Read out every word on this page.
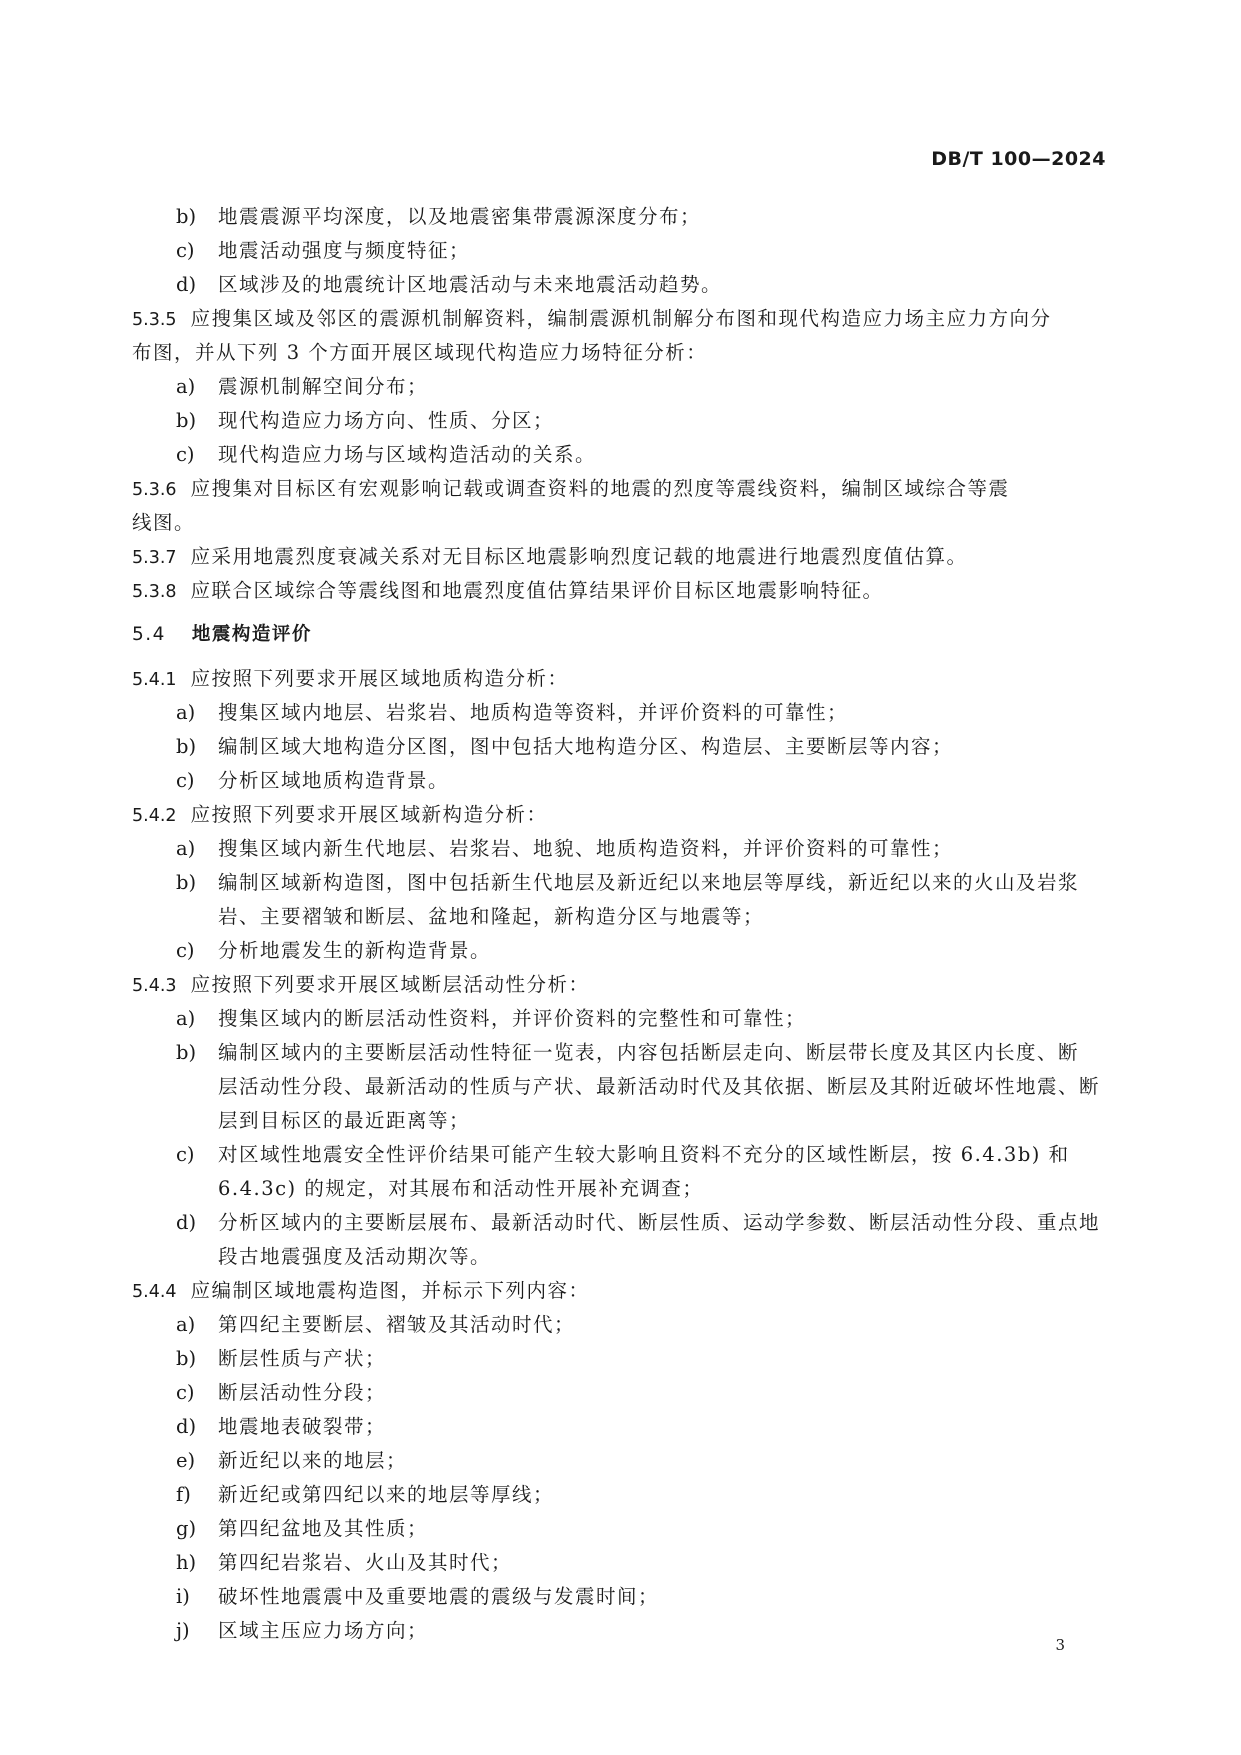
DB/T 100—2024
b) 地震震源平均深度，以及地震密集带震源深度分布；
c) 地震活动强度与频度特征；
d) 区域涉及的地震统计区地震活动与未来地震活动趋势。
5.3.5 应搜集区域及邻区的震源机制解资料，编制震源机制解分布图和现代构造应力场主应力方向分
布图，并从下列 3 个方面开展区域现代构造应力场特征分析：
a) 震源机制解空间分布；
b) 现代构造应力场方向、性质、分区；
c) 现代构造应力场与区域构造活动的关系。
5.3.6 应搜集对目标区有宏观影响记载或调查资料的地震的烈度等震线资料，编制区域综合等震
线图。
5.3.7 应采用地震烈度衰减关系对无目标区地震影响烈度记载的地震进行地震烈度值估算。
5.3.8 应联合区域综合等震线图和地震烈度值估算结果评价目标区地震影响特征。
5.4 地震构造评价
5.4.1 应按照下列要求开展区域地质构造分析：
a) 搜集区域内地层、岩浆岩、地质构造等资料，并评价资料的可靠性；
b) 编制区域大地构造分区图，图中包括大地构造分区、构造层、主要断层等内容；
c) 分析区域地质构造背景。
5.4.2 应按照下列要求开展区域新构造分析：
a) 搜集区域内新生代地层、岩浆岩、地貌、地质构造资料，并评价资料的可靠性；
b) 编制区域新构造图，图中包括新生代地层及新近纪以来地层等厚线，新近纪以来的火山及岩浆
岩、主要褶皱和断层、盆地和隆起，新构造分区与地震等；
c) 分析地震发生的新构造背景。
5.4.3 应按照下列要求开展区域断层活动性分析：
a) 搜集区域内的断层活动性资料，并评价资料的完整性和可靠性；
b) 编制区域内的主要断层活动性特征一览表，内容包括断层走向、断层带长度及其区内长度、断
层活动性分段、最新活动的性质与产状、最新活动时代及其依据、断层及其附近破坏性地震、断
层到目标区的最近距离等；
c) 对区域性地震安全性评价结果可能产生较大影响且资料不充分的区域性断层，按 6.4.3b) 和
6.4.3c) 的规定，对其展布和活动性开展补充调查；
d) 分析区域内的主要断层展布、最新活动时代、断层性质、运动学参数、断层活动性分段、重点地
段古地震强度及活动期次等。
5.4.4 应编制区域地震构造图，并标示下列内容：
a) 第四纪主要断层、褶皱及其活动时代；
b) 断层性质与产状；
c) 断层活动性分段；
d) 地震地表破裂带；
e) 新近纪以来的地层；
f) 新近纪或第四纪以来的地层等厚线；
g) 第四纪盆地及其性质；
h) 第四纪岩浆岩、火山及其时代；
i) 破坏性地震震中及重要地震的震级与发震时间；
j) 区域主压应力场方向；
3
